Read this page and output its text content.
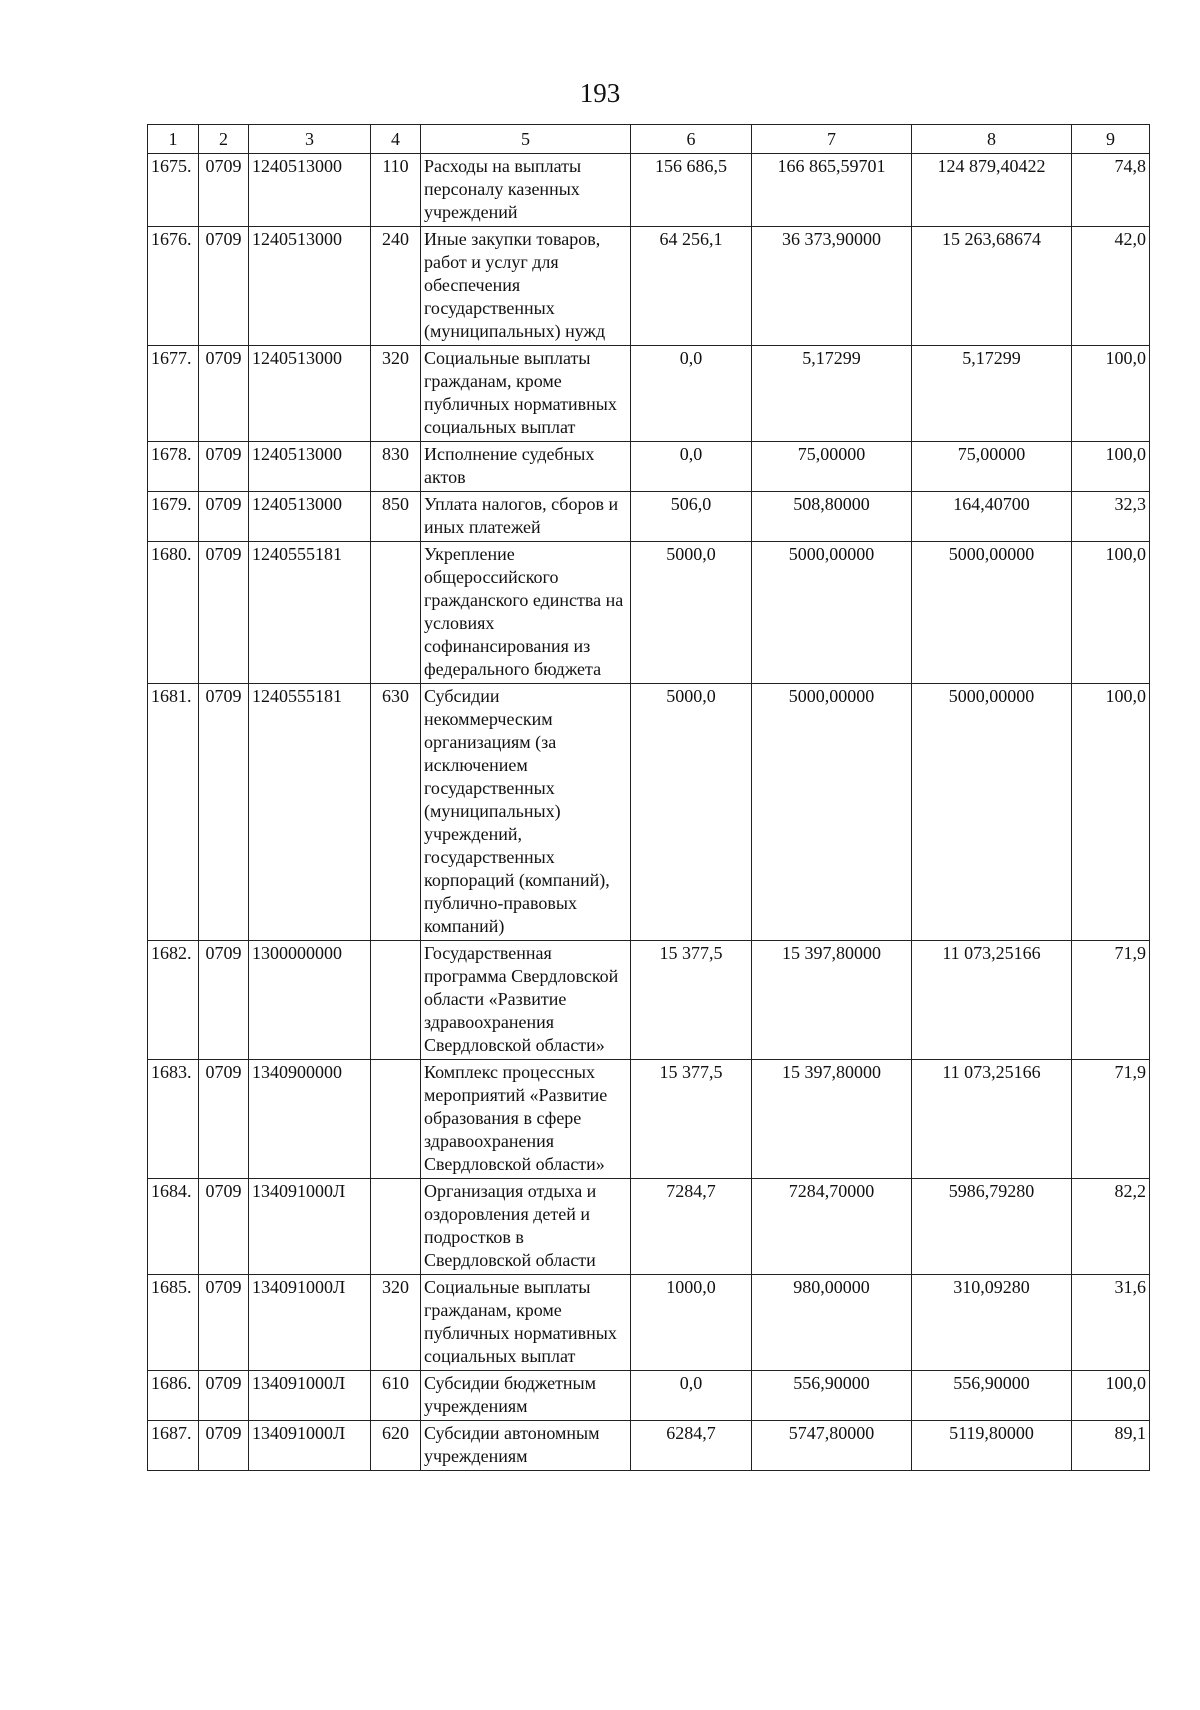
193
1	2	3	4	5	6	7	8	9
1675.	0709	1240513000	110	Расходы на выплаты персоналу казенных учреждений	156 686,5	166 865,59701	124 879,40422	74,8
1676.	0709	1240513000	240	Иные закупки товаров, работ и услуг для обеспечения государственных (муниципальных) нужд	64 256,1	36 373,90000	15 263,68674	42,0
1677.	0709	1240513000	320	Социальные выплаты гражданам, кроме публичных нормативных социальных выплат	0,0	5,17299	5,17299	100,0
1678.	0709	1240513000	830	Исполнение судебных актов	0,0	75,00000	75,00000	100,0
1679.	0709	1240513000	850	Уплата налогов, сборов и иных платежей	506,0	508,80000	164,40700	32,3
1680.	0709	1240555181		Укрепление общероссийского гражданского единства на условиях софинансирования из федерального бюджета	5000,0	5000,00000	5000,00000	100,0
1681.	0709	1240555181	630	Субсидии некоммерческим организациям (за исключением государственных (муниципальных) учреждений, государственных корпораций (компаний), публично-правовых компаний)	5000,0	5000,00000	5000,00000	100,0
1682.	0709	1300000000		Государственная программа Свердловской области «Развитие здравоохранения Свердловской области»	15 377,5	15 397,80000	11 073,25166	71,9
1683.	0709	1340900000		Комплекс процессных мероприятий «Развитие образования в сфере здравоохранения Свердловской области»	15 377,5	15 397,80000	11 073,25166	71,9
1684.	0709	134091000Л		Организация отдыха и оздоровления детей и подростков в Свердловской области	7284,7	7284,70000	5986,79280	82,2
1685.	0709	134091000Л	320	Социальные выплаты гражданам, кроме публичных нормативных социальных выплат	1000,0	980,00000	310,09280	31,6
1686.	0709	134091000Л	610	Субсидии бюджетным учреждениям	0,0	556,90000	556,90000	100,0
1687.	0709	134091000Л	620	Субсидии автономным учреждениям	6284,7	5747,80000	5119,80000	89,1
